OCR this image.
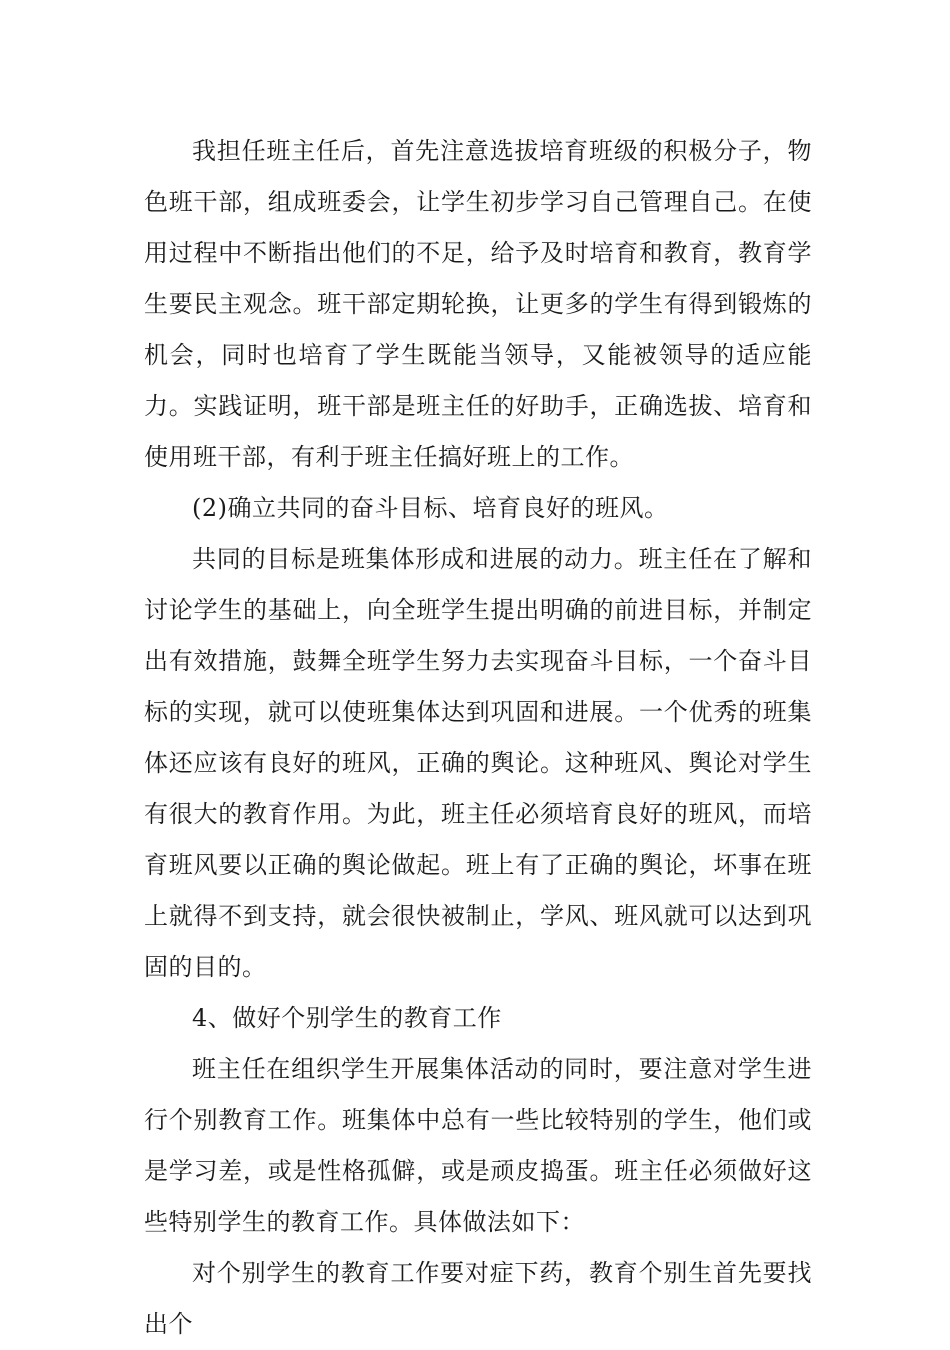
我担任班主任后，首先注意选拔培育班级的积极分子，物色班干部，组成班委会，让学生初步学习自己管理自己。在使用过程中不断指出他们的不足，给予及时培育和教育，教育学生要民主观念。班干部定期轮换，让更多的学生有得到锻炼的机会，同时也培育了学生既能当领导，又能被领导的适应能力。实践证明，班干部是班主任的好助手，正确选拔、培育和使用班干部，有利于班主任搞好班上的工作。

(2)确立共同的奋斗目标、培育良好的班风。

共同的目标是班集体形成和进展的动力。班主任在了解和讨论学生的基础上，向全班学生提出明确的前进目标，并制定出有效措施，鼓舞全班学生努力去实现奋斗目标，一个奋斗目标的实现，就可以使班集体达到巩固和进展。一个优秀的班集体还应该有良好的班风，正确的舆论。这种班风、舆论对学生有很大的教育作用。为此，班主任必须培育良好的班风，而培育班风要以正确的舆论做起。班上有了正确的舆论，坏事在班上就得不到支持，就会很快被制止，学风、班风就可以达到巩固的目的。

4、做好个别学生的教育工作

班主任在组织学生开展集体活动的同时，要注意对学生进行个别教育工作。班集体中总有一些比较特别的学生，他们或是学习差，或是性格孤僻，或是顽皮捣蛋。班主任必须做好这些特别学生的教育工作。具体做法如下：

对个别学生的教育工作要对症下药，教育个别生首先要找出个
